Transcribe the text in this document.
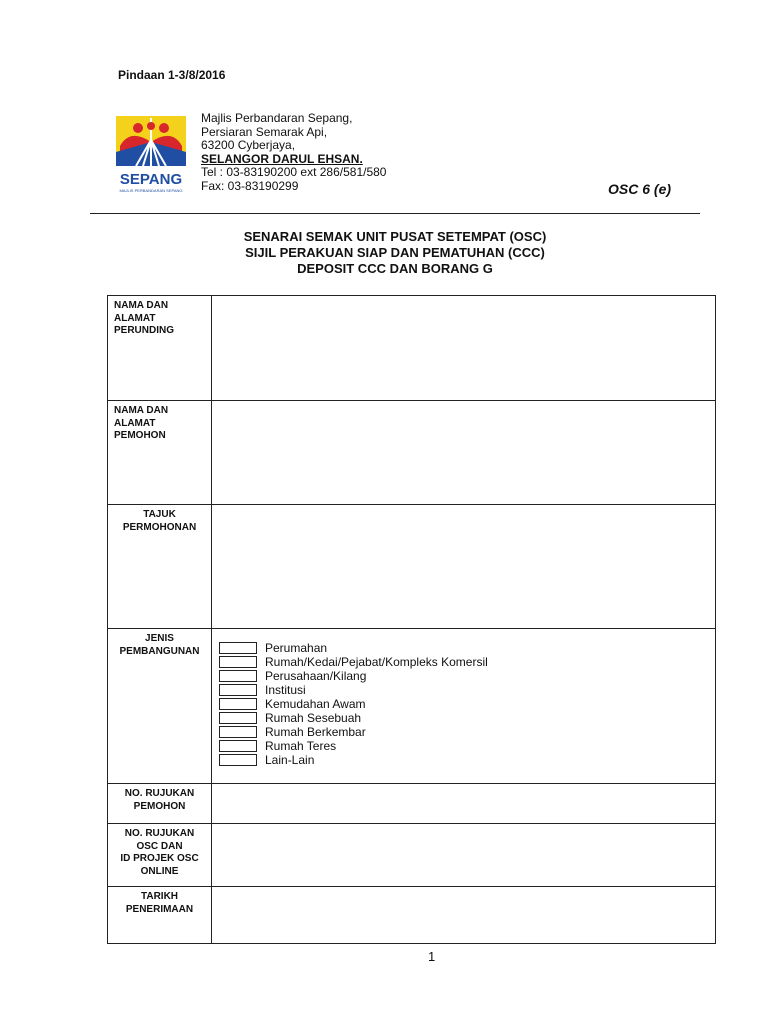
Pindaan 1-3/8/2016
SEPANG
MAJLIS PERBANDARAN SEPANG
Majlis Perbandaran Sepang,
Persiaran Semarak Api,
63200 Cyberjaya,
SELANGOR DARUL EHSAN.
Tel : 03-83190200 ext 286/581/580
Fax: 03-83190299	OSC 6 (e)
SENARAI SEMAK UNIT PUSAT SETEMPAT (OSC)
SIJIL PERAKUAN SIAP DAN PEMATUHAN (CCC)
DEPOSIT CCC DAN BORANG G
NAMA DAN
ALAMAT
PERUNDING
NAMA DAN
ALAMAT
PEMOHON
TAJUK
PERMOHONAN
JENIS
PEMBANGUNAN	Perumahan
Rumah/Kedai/Pejabat/Kompleks Komersil
Perusahaan/Kilang
Institusi
Kemudahan Awam
Rumah Sesebuah
Rumah Berkembar
Rumah Teres
Lain-Lain
NO. RUJUKAN
PEMOHON
NO. RUJUKAN
OSC DAN
ID PROJEK OSC
ONLINE
TARIKH
PENERIMAAN
1
